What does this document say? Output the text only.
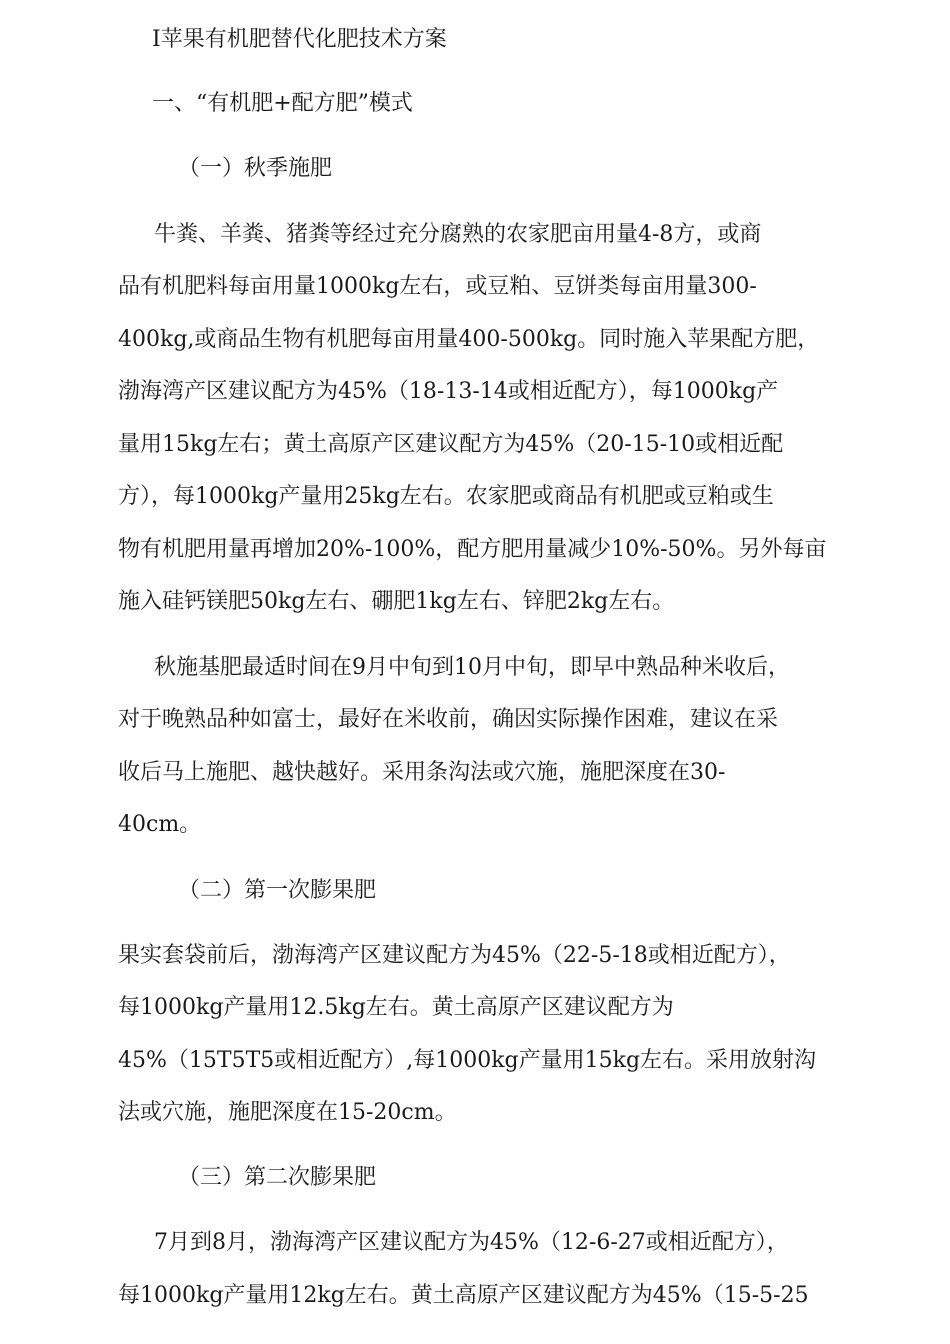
I苹果有机肥替代化肥技术方案
一、“有机肥+配方肥”模式
（一）秋季施肥
牛粪、羊粪、猪粪等经过充分腐熟的农家肥亩用量4-8方，或商
品有机肥料每亩用量1000kg左右，或豆粕、豆饼类每亩用量300-
400kg,或商品生物有机肥每亩用量400-500kg。同时施入苹果配方肥，
渤海湾产区建议配方为45%（18-13-14或相近配方），每1000kg产
量用15kg左右；黄土高原产区建议配方为45%（20-15-10或相近配
方），每1000kg产量用25kg左右。农家肥或商品有机肥或豆粕或生
物有机肥用量再增加20%-100%，配方肥用量减少10%-50%。另外每亩
施入硅钙镁肥50kg左右、硼肥1kg左右、锌肥2kg左右。
秋施基肥最适时间在9月中旬到10月中旬，即早中熟品种米收后，
对于晚熟品种如富士，最好在米收前，确因实际操作困难，建议在采
收后马上施肥、越快越好。采用条沟法或穴施，施肥深度在30-
40cm。
（二）第一次膨果肥
果实套袋前后，渤海湾产区建议配方为45%（22-5-18或相近配方），
每1000kg产量用12.5kg左右。黄土高原产区建议配方为
45%（15T5T5或相近配方）,每1000kg产量用15kg左右。采用放射沟
法或穴施，施肥深度在15-20cm。
（三）第二次膨果肥
7月到8月，渤海湾产区建议配方为45%（12-6-27或相近配方），
每1000kg产量用12kg左右。黄土高原产区建议配方为45%（15-5-25
